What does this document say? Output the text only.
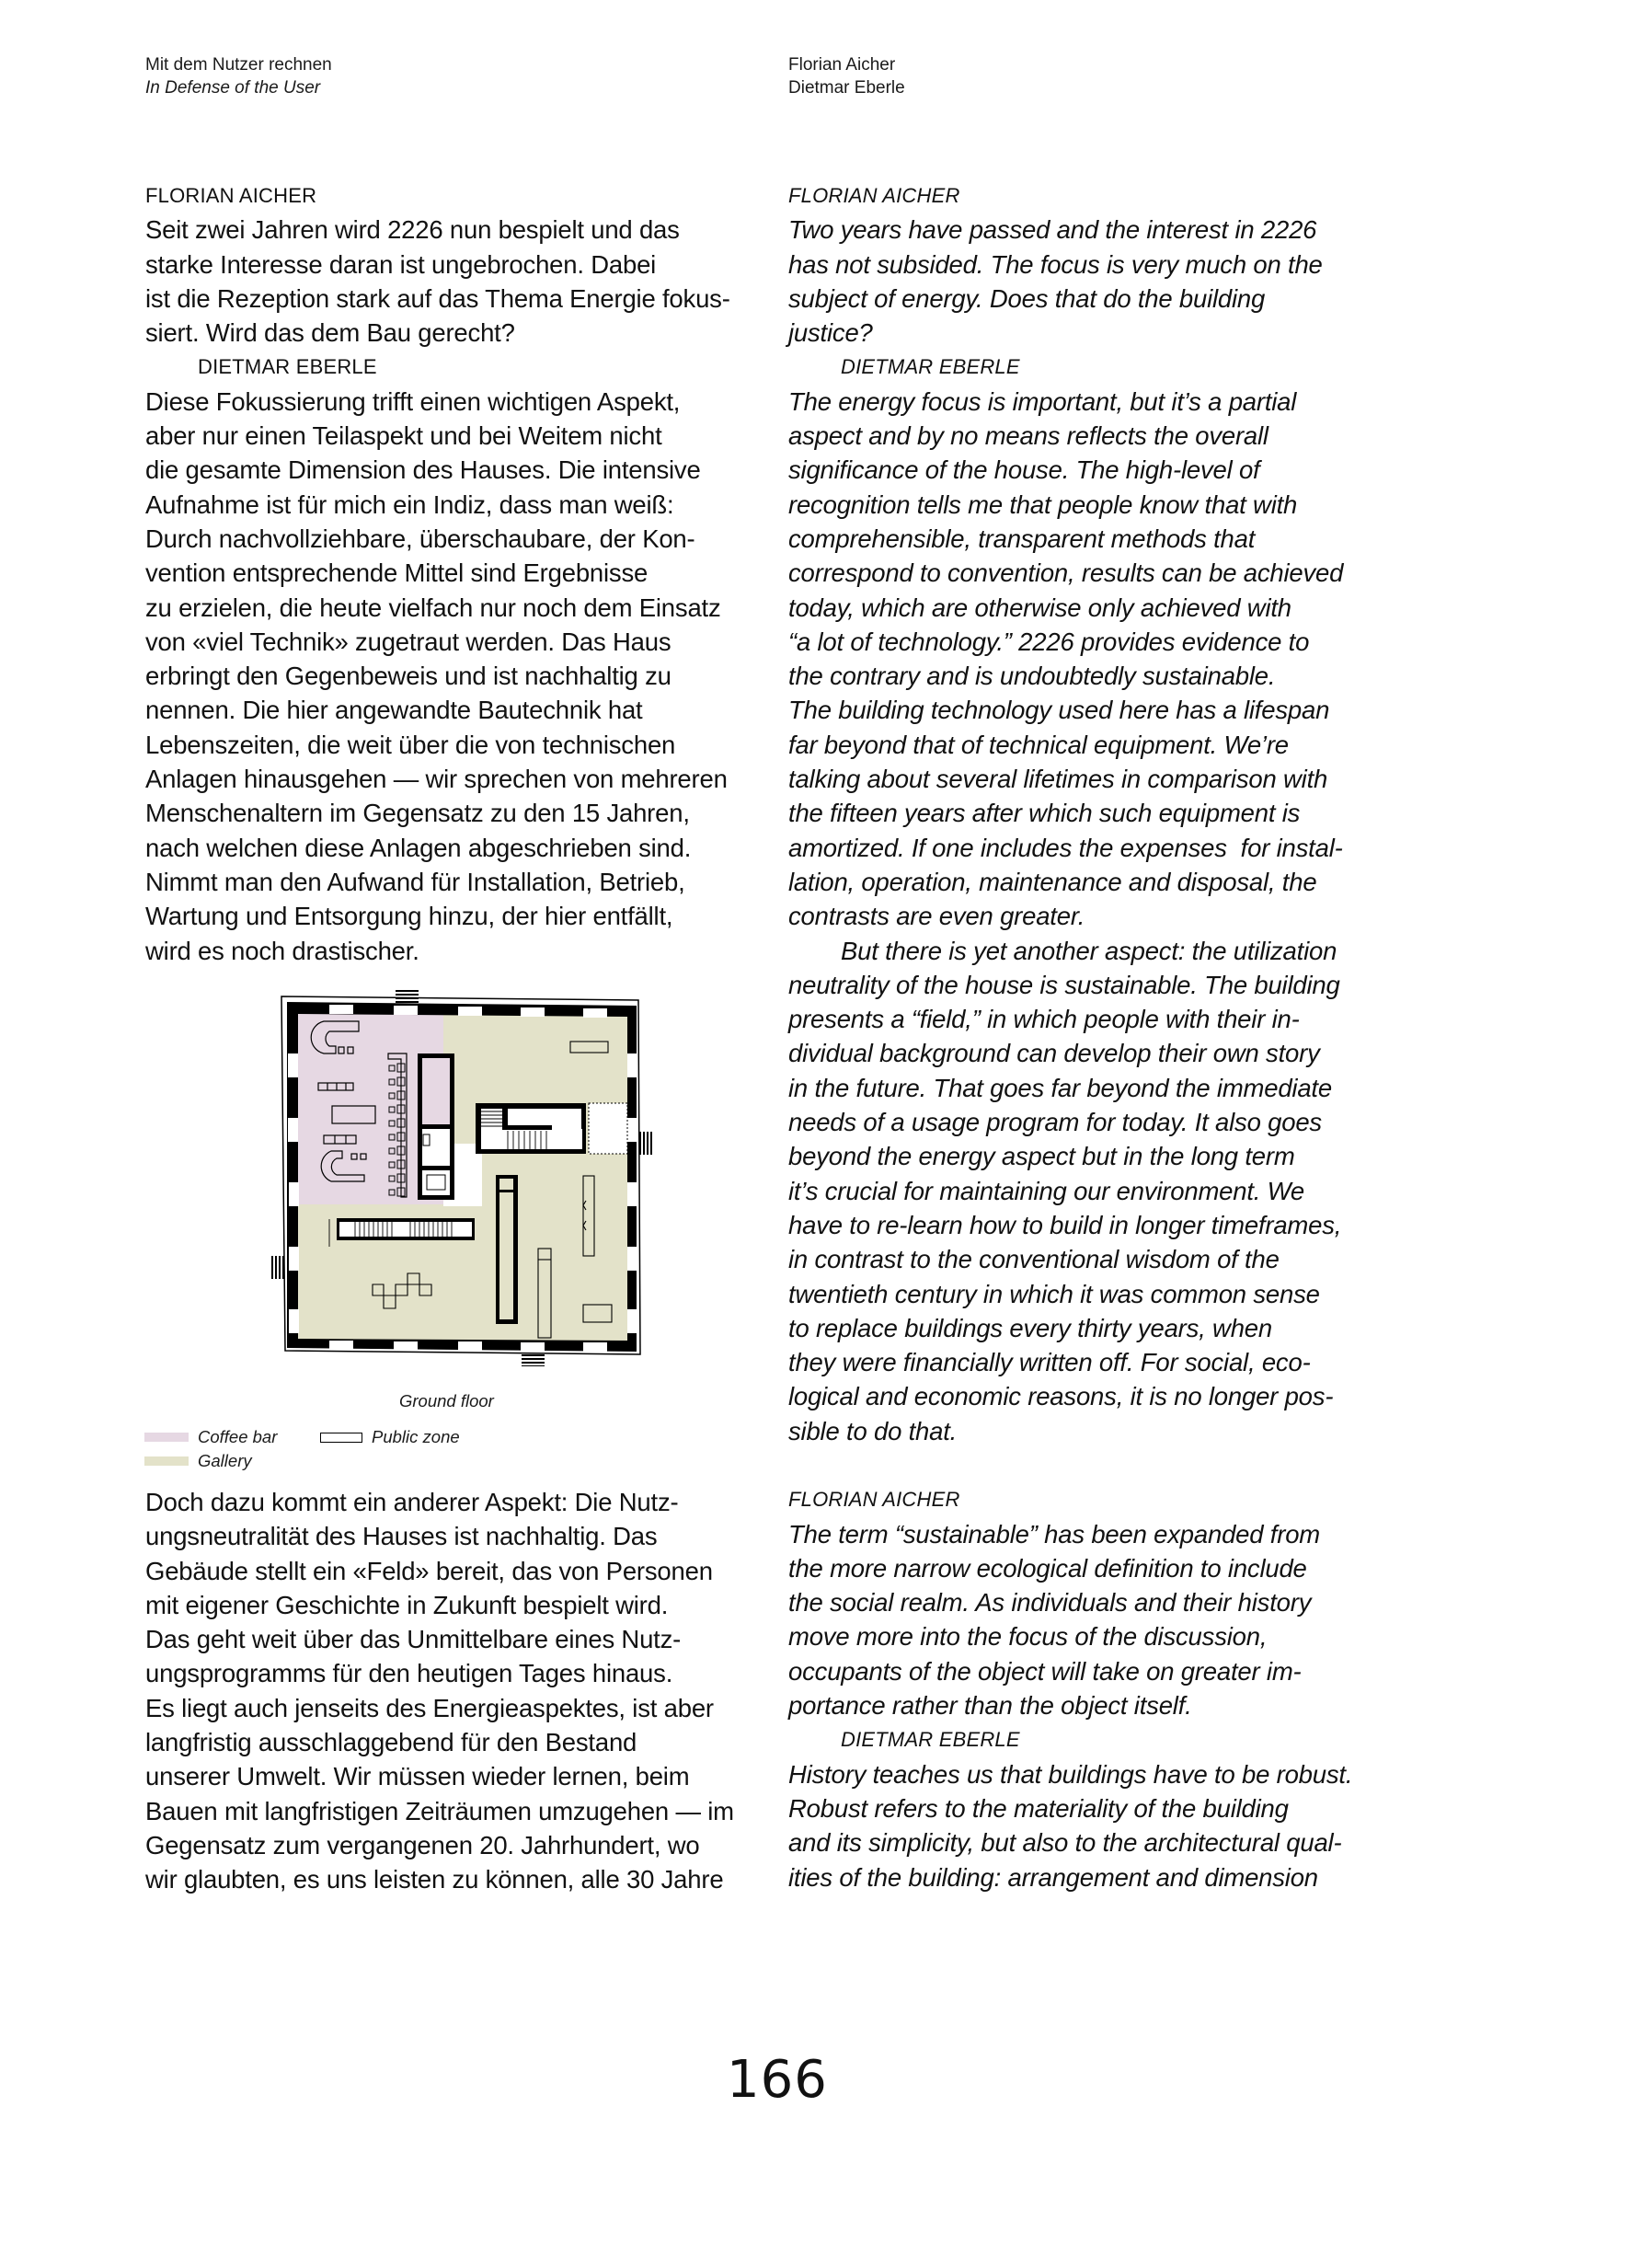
Mit dem Nutzer rechnen
In Defense of the User
Florian Aicher
Dietmar Eberle
FLORIAN AICHER
Seit zwei Jahren wird 2226 nun bespielt und das
starke Interesse daran ist ungebrochen. Dabei
ist die Rezeption stark auf das Thema Energie fokus-
siert. Wird das dem Bau gerecht?
DIETMAR EBERLE
Diese Fokussierung trifft einen wichtigen Aspekt,
aber nur einen Teilaspekt und bei Weitem nicht
die gesamte Dimension des Hauses. Die intensive
Aufnahme ist für mich ein Indiz, dass man weiß:
Durch nachvollziehbare, überschaubare, der Kon-
vention entsprechende Mittel sind Ergebnisse
zu erzielen, die heute vielfach nur noch dem Einsatz
von «viel Technik» zugetraut werden. Das Haus
erbringt den Gegenbeweis und ist nachhaltig zu
nennen. Die hier angewandte Bautechnik hat
Lebenszeiten, die weit über die von technischen
Anlagen hinausgehen — wir sprechen von mehreren
Menschenaltern im Gegensatz zu den 15 Jahren,
nach welchen diese Anlagen abgeschrieben sind.
Nimmt man den Aufwand für Installation, Betrieb,
Wartung und Entsorgung hinzu, der hier entfällt,
wird es noch drastischer.
Ground floor
Coffee bar
Gallery
Public zone
Doch dazu kommt ein anderer Aspekt: Die Nutz-
ungsneutralität des Hauses ist nachhaltig. Das
Gebäude stellt ein «Feld» bereit, das von Personen
mit eigener Geschichte in Zukunft bespielt wird.
Das geht weit über das Unmittelbare eines Nutz-
ungsprogramms für den heutigen Tages hinaus.
Es liegt auch jenseits des Energieaspektes, ist aber
langfristig ausschlaggebend für den Bestand
unserer Umwelt. Wir müssen wieder lernen, beim
Bauen mit langfristigen Zeiträumen umzugehen — im
Gegensatz zum vergangenen 20. Jahrhundert, wo
wir glaubten, es uns leisten zu können, alle 30 Jahre
FLORIAN AICHER
Two years have passed and the interest in 2226
has not subsided. The focus is very much on the
subject of energy. Does that do the building
justice?
DIETMAR EBERLE
The energy focus is important, but it’s a partial
aspect and by no means reflects the overall
significance of the house. The high-level of
recognition tells me that people know that with
comprehensible, transparent methods that
correspond to convention, results can be achieved
today, which are otherwise only achieved with
“a lot of technology.” 2226 provides evidence to
the contrary and is undoubtedly sustainable.
The building technology used here has a lifespan
far beyond that of technical equipment. We’re
talking about several lifetimes in comparison with
the fifteen years after which such equipment is
amortized. If one includes the expenses  for instal-
lation, operation, maintenance and disposal, the
contrasts are even greater.
But there is yet another aspect: the utilization
neutrality of the house is sustainable. The building
presents a “field,” in which people with their in-
dividual background can develop their own story
in the future. That goes far beyond the immediate
needs of a usage program for today. It also goes
beyond the energy aspect but in the long term
it’s crucial for maintaining our environment. We
have to re-learn how to build in longer timeframes,
in contrast to the conventional wisdom of the
twentieth century in which it was common sense
to replace buildings every thirty years, when
they were financially written off. For social, eco-
logical and economic reasons, it is no longer pos-
sible to do that.
FLORIAN AICHER
The term “sustainable” has been expanded from
the more narrow ecological definition to include
the social realm. As individuals and their history
move more into the focus of the discussion,
occupants of the object will take on greater im-
portance rather than the object itself.
DIETMAR EBERLE
History teaches us that buildings have to be robust.
Robust refers to the materiality of the building
and its simplicity, but also to the architectural qual-
ities of the building: arrangement and dimension
166
